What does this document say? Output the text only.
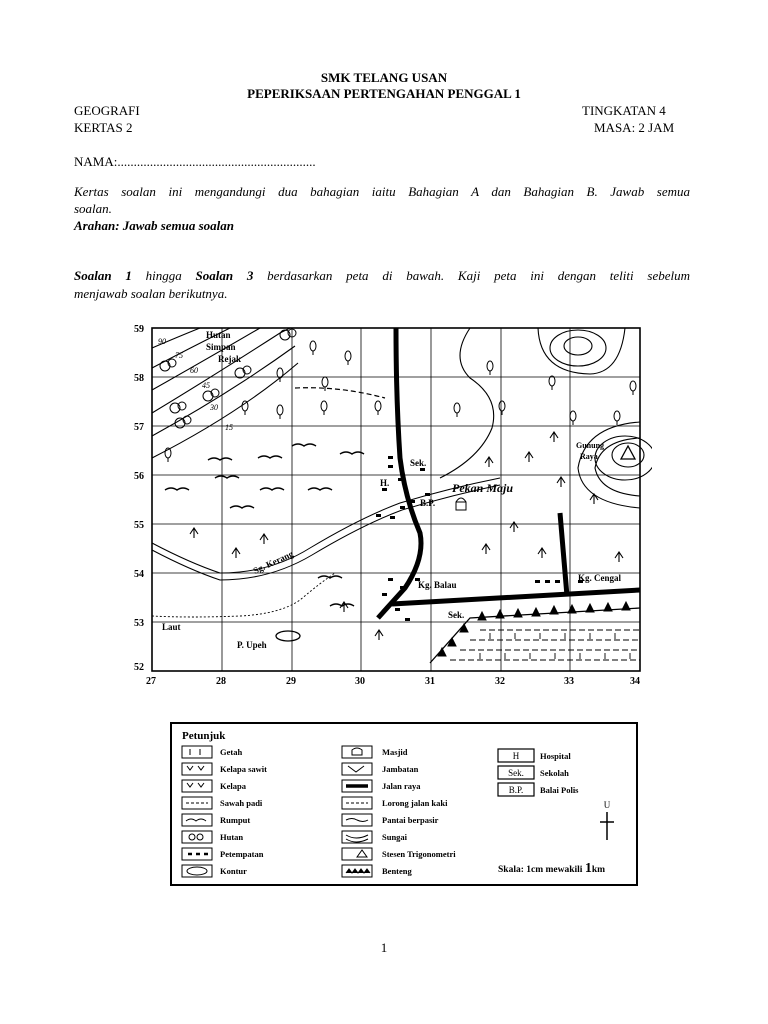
SMK TELANG USAN
PEPERIKSAAN PERTENGAHAN PENGGAL 1
GEOGRAFI	TINGKATAN 4
KERTAS 2	MASA: 2 JAM
NAMA:.............................................................
Kertas soalan ini mengandungi dua bahagian iaitu Bahagian A dan Bahagian B. Jawab semua
soalan.
Arahan: Jawab semua soalan
Soalan 1 hingga Soalan 3 berdasarkan peta di bawah. Kaji peta ini dengan teliti sebelum
menjawab soalan berikutnya.
59
58
57
56
55
54
53
52
27	28	29	30	31	32	33	34
90
75
60
45
30
15
Hutan
Simpan
Rejak
Gunung
Raya
Sg. Kerang
Sek.
H.
B.P.
Pekan Maju
Kg. Balau
Kg. Cengal
Sek.
Laut
P. Upeh
Petunjuk
Getah
Kelapa sawit
Kelapa
Sawah padi
Rumput
Hutan
Petempatan
Kontur
Masjid
Jambatan
Jalan raya
Lorong jalan kaki
Pantai berpasir
Sungai
Stesen Trigonometri
Benteng
H
Sek.
B.P.
Hospital
Sekolah
Balai Polis
U
Skala: 1cm mewakili 1km
1
